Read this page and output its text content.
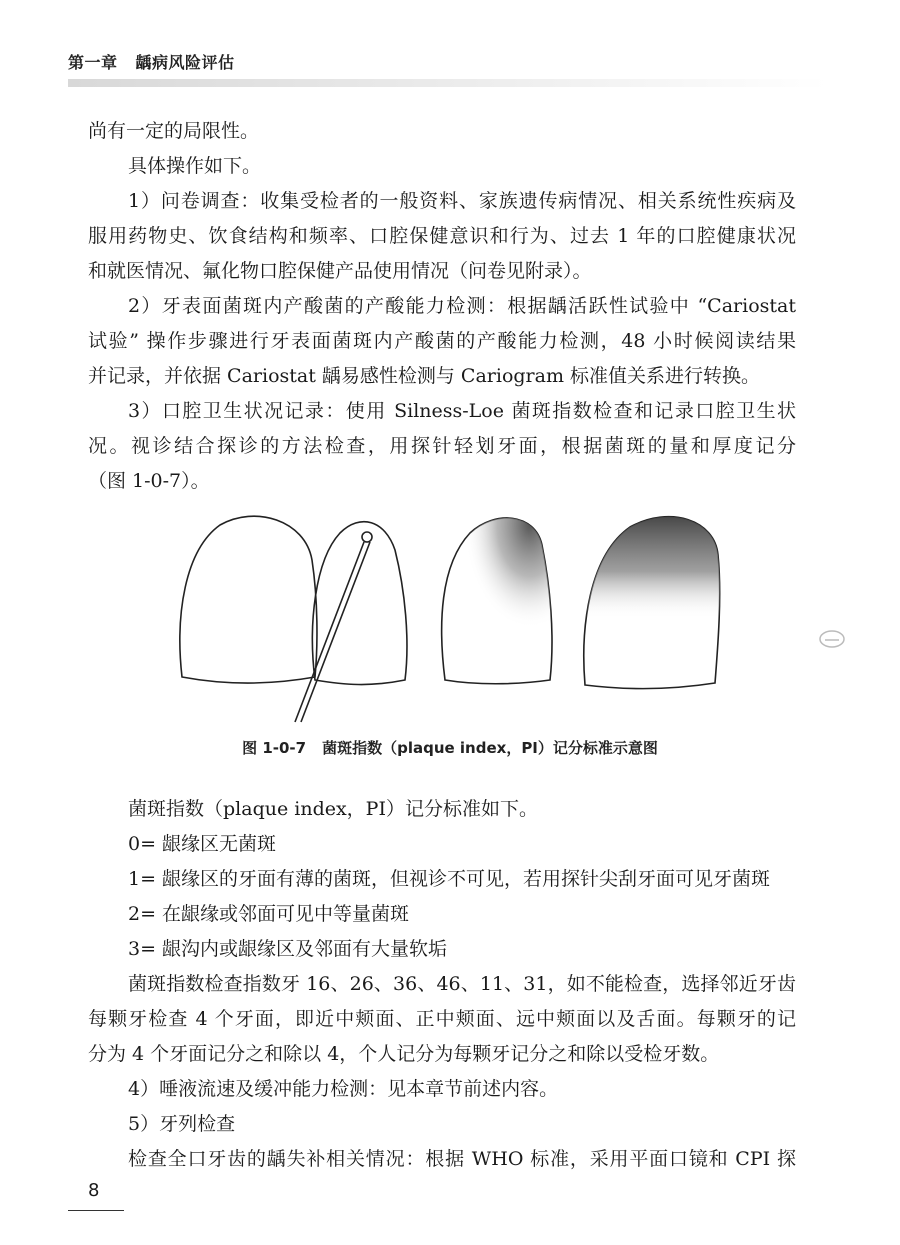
第一章 龋病风险评估
尚有一定的局限性。
具体操作如下。
1）问卷调查：收集受检者的一般资料、家族遗传病情况、相关系统性疾病及
服用药物史、饮食结构和频率、口腔保健意识和行为、过去 1 年的口腔健康状况
和就医情况、氟化物口腔保健产品使用情况（问卷见附录）。
2）牙表面菌斑内产酸菌的产酸能力检测：根据龋活跃性试验中 “Cariostat
试验” 操作步骤进行牙表面菌斑内产酸菌的产酸能力检测，48 小时候阅读结果
并记录，并依据 Cariostat 龋易感性检测与 Cariogram 标准值关系进行转换。
3）口腔卫生状况记录：使用 Silness-Loe 菌斑指数检查和记录口腔卫生状
况。视诊结合探诊的方法检查，用探针轻划牙面，根据菌斑的量和厚度记分
（图 1-0-7）。
图 1-0-7 菌斑指数（plaque index，PI）记分标准示意图
菌斑指数（plaque index，PI）记分标准如下。
0= 龈缘区无菌斑
1= 龈缘区的牙面有薄的菌斑，但视诊不可见，若用探针尖刮牙面可见牙菌斑
2= 在龈缘或邻面可见中等量菌斑
3= 龈沟内或龈缘区及邻面有大量软垢
菌斑指数检查指数牙 16、26、36、46、11、31，如不能检查，选择邻近牙齿
每颗牙检查 4 个牙面，即近中颊面、正中颊面、远中颊面以及舌面。每颗牙的记
分为 4 个牙面记分之和除以 4，个人记分为每颗牙记分之和除以受检牙数。
4）唾液流速及缓冲能力检测：见本章节前述内容。
5）牙列检查
检查全口牙齿的龋失补相关情况：根据 WHO 标准，采用平面口镜和 CPI 探
8
